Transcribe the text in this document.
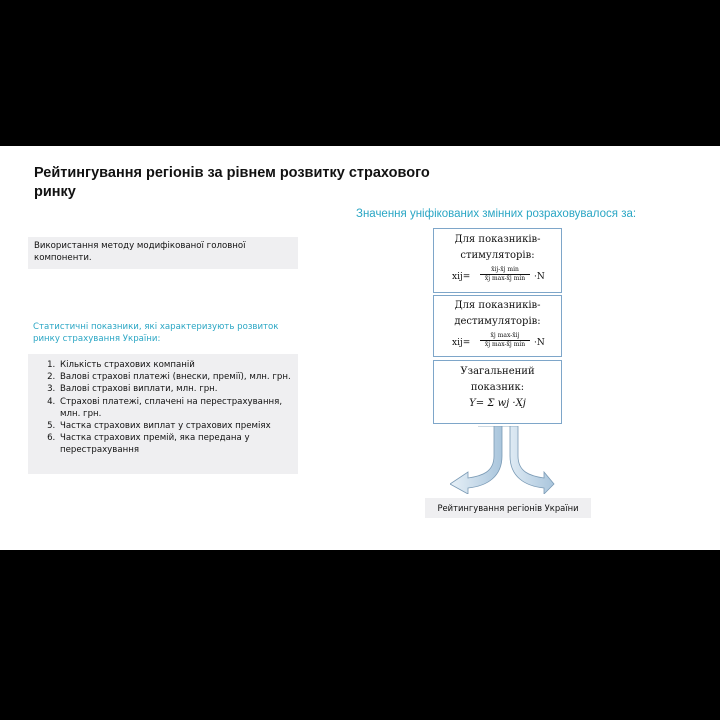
Рейтингування регіонів за рівнем розвитку страхового ринку
Значення уніфікованих змінних розраховувалося за:
Використання методу модифікованої головної компоненти.
Статистичні показники, які характеризують розвиток ринку страхування України:
1. Кількість страхових компаній
2. Валові страхові платежі (внески, премії), млн. грн.
3. Валові страхові виплати, млн. грн.
4. Страхові платежі, сплачені на перестрахування, млн. грн.
5. Частка страхових виплат у страхових преміях
6. Частка страхових премій, яка передана у перестрахування
Для показників-стимуляторів:
xij=
x̄ij-x̄j min
x̄j max-x̄j min ·N
Для показників-дестимуляторів:
xij=
x̄j max-x̄ij
x̄j max-x̄j min ·N
Узагальнений показник:
Y= Σ wj ·Xj
Рейтингування регіонів України
